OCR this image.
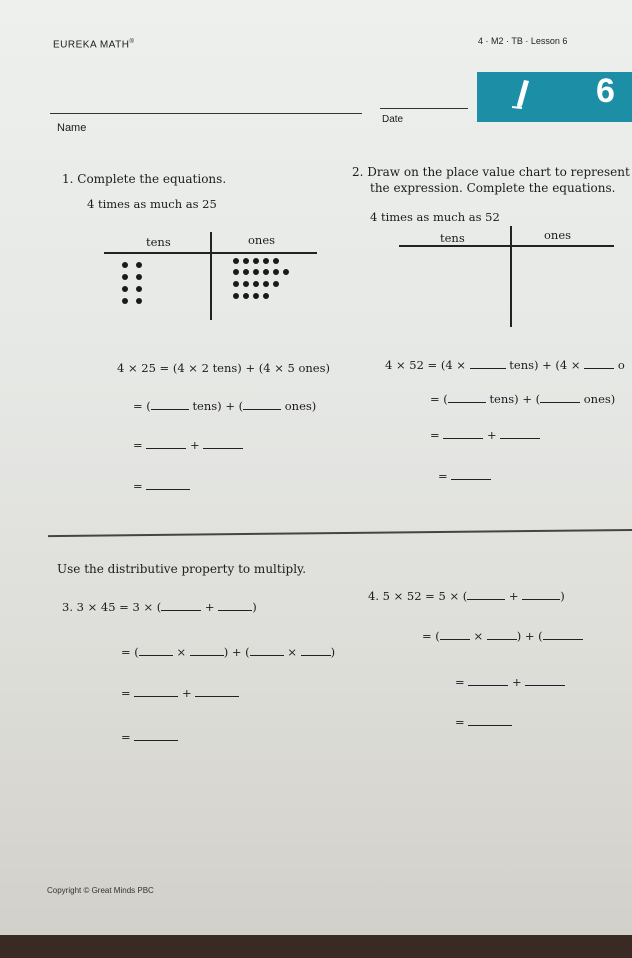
EUREKA MATH®	4 · M2 · TB · Lesson 6
6
Name
Date
1. Complete the equations.
4 times as much as 25
tens	ones
4 × 25 = (4 × 2 tens) + (4 × 5 ones)
= (	tens) + (	ones)
=	+
=
2. Draw on the place value chart to represent
the expression. Complete the equations.
4 times as much as 52
tens	ones
4 × 52 = (4 ×	tens) + (4 ×	o
= (	tens) + (	ones)
=	+
=
Use the distributive property to multiply.
3. 3 × 45 = 3 × (	+	)
= (	×	) + (	×	)
=	+
=
4. 5 × 52 = 5 × (	+	)
= (	×	) + (
=	+
=
Copyright © Great Minds PBC
